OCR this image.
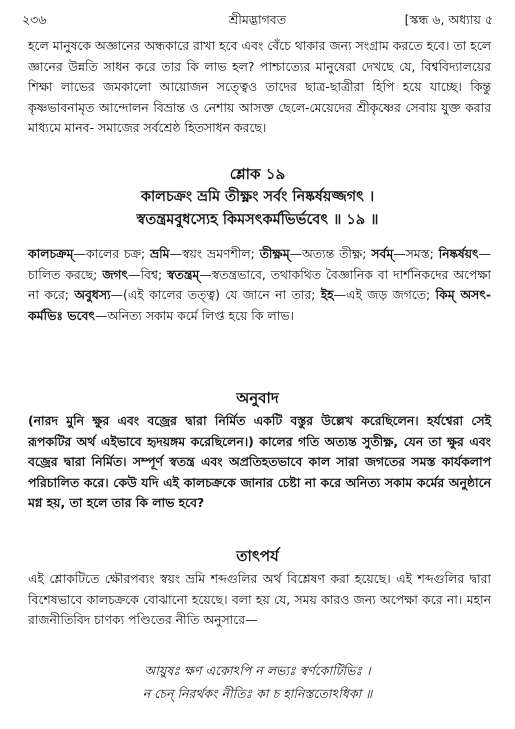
২৩৬	শ্রীমদ্ভাগবত	[স্কন্ধ ৬, অধ্যায় ৫

হলে মানুষকে অজ্ঞানের অন্ধকারে রাখা হবে এবং বেঁচে থাকার জন্য সংগ্রাম করতে হবে। তা হলে জ্ঞানের উন্নতি সাধন করে তার কি লাভ হল? পাশ্চাত্যের মানুষেরা দেখছে যে, বিশ্ববিদ্যালয়ের শিক্ষা লাভের জমকালো আয়োজন সত্ত্বেও তাদের ছাত্র-ছাত্রীরা হিপি হয়ে যাচ্ছে। কিন্তু কৃষ্ণভাবনামৃত আন্দোলন বিভ্রান্ত ও নেশায় আসক্ত ছেলে-মেয়েদের শ্রীকৃষ্ণের সেবায় যুক্ত করার মাধ্যমে মানব- সমাজের সর্বশ্রেষ্ঠ হিতসাধন করছে।

শ্লোক ১৯
কালচক্রং ভ্রমি তীক্ষ্ণং সর্বং নিষ্কর্ষয়জ্জগৎ ।
স্বতন্ত্রমবুধস্যেহ কিমসৎকর্মভির্ভবেৎ ॥ ১৯ ॥

কালচক্রম্—কালের চক্র; ভ্রমি—স্বয়ং ভ্রমণশীল; তীক্ষ্ণম্—অত্যন্ত তীক্ষ্ণ; সর্বম্—সমস্ত; নিষ্কর্ষয়ৎ—চালিত করছে; জগৎ—বিশ্ব; স্বতন্ত্রম্—স্বতন্ত্রভাবে, তথাকথিত বৈজ্ঞানিক বা দার্শনিকদের অপেক্ষা না করে; অবুধস্য—(এই কালের তত্ত্ব) যে জানে না তার; ইহ—এই জড় জগতে; কিম্ অসৎ-কর্মভিঃ ভবেৎ—অনিত্য সকাম কর্মে লিপ্ত হয়ে কি লাভ।

অনুবাদ

(নারদ মুনি ক্ষুর এবং বজ্রের দ্বারা নির্মিত একটি বস্তুর উল্লেখ করেছিলেন। হর্যশ্বেরা সেই রূপকটির অর্থ এইভাবে হৃদয়ঙ্গম করেছিলেন।) কালের গতি অত্যন্ত সুতীক্ষ্ণ, যেন তা ক্ষুর এবং বজ্রের দ্বারা নির্মিত। সম্পূর্ণ স্বতন্ত্র এবং অপ্রতিহতভাবে কাল সারা জগতের সমস্ত কার্যকলাপ পরিচালিত করে। কেউ যদি এই কালচক্রকে জানার চেষ্টা না করে অনিত্য সকাম কর্মের অনুষ্ঠানে মগ্ন হয়, তা হলে তার কি লাভ হবে?

তাৎপর্য

এই শ্লোকটিতে ক্ষৌরপব্যং স্বয়ং ভ্রমি শব্দগুলির অর্থ বিশ্লেষণ করা হয়েছে। এই শব্দগুলির দ্বারা বিশেষভাবে কালচক্রকে বোঝানো হয়েছে। বলা হয় যে, সময় কারও জন্য অপেক্ষা করে না। মহান রাজনীতিবিদ চাণক্য পণ্ডিতের নীতি অনুসারে—

আয়ুষঃ ক্ষণ একোঽপি ন লভ্যঃ স্বর্ণকোটিভিঃ ।
ন চেন্ নিরর্থকং নীতিঃ কা চ হানিস্ততোঽধিকা ॥
